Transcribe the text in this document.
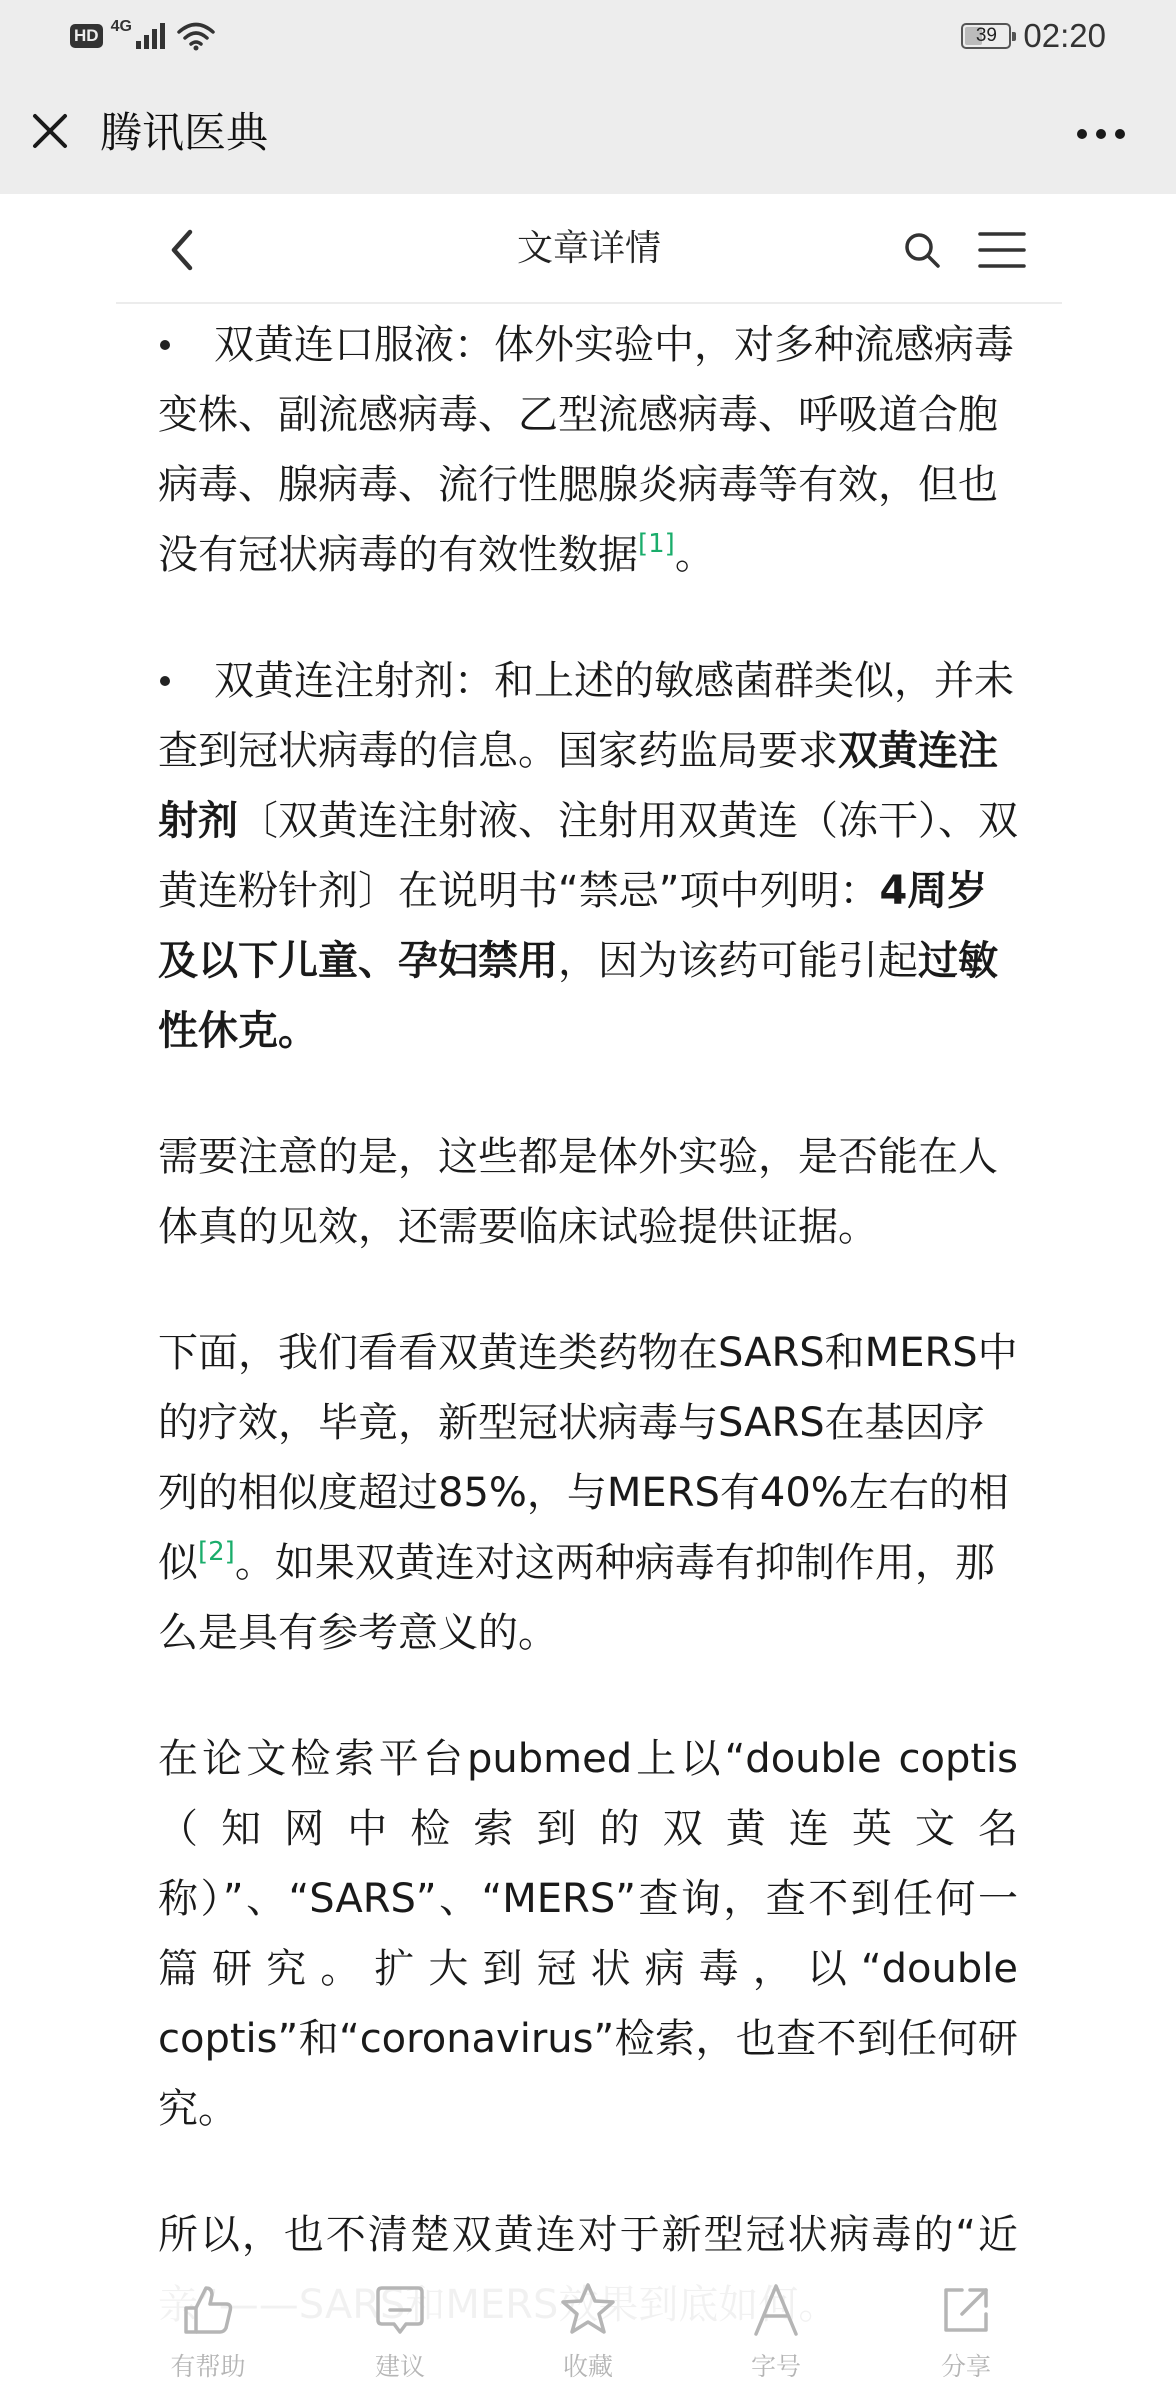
HD 4G	39 02:20
腾讯医典
文章详情

双黄连口服液：体外实验中，对多种流感病毒变株、副流感病毒、乙型流感病毒、呼吸道合胞病毒、腺病毒、流行性腮腺炎病毒等有效，但也没有冠状病毒的有效性数据[1]。

双黄连注射剂：和上述的敏感菌群类似，并未查到冠状病毒的信息。国家药监局要求双黄连注射剂〔双黄连注射液、注射用双黄连（冻干）、双黄连粉针剂〕在说明书“禁忌”项中列明：4周岁及以下儿童、孕妇禁用，因为该药可能引起过敏性休克。

需要注意的是，这些都是体外实验，是否能在人体真的见效，还需要临床试验提供证据。

下面，我们看看双黄连类药物在SARS和MERS中的疗效，毕竟，新型冠状病毒与SARS在基因序列的相似度超过85%，与MERS有40%左右的相似[2]。如果双黄连对这两种病毒有抑制作用，那么是具有参考意义的。

在论文检索平台pubmed上以“double coptis（知网中检索到的双黄连英文名称）”、“SARS”、“MERS”查询，查不到任何一篇研究。扩大到冠状病毒，以“double coptis”和“coronavirus”检索，也查不到任何研究。

所以，也不清楚双黄连对于新型冠状病毒的“近

有帮助	建议	收藏	字号	分享
